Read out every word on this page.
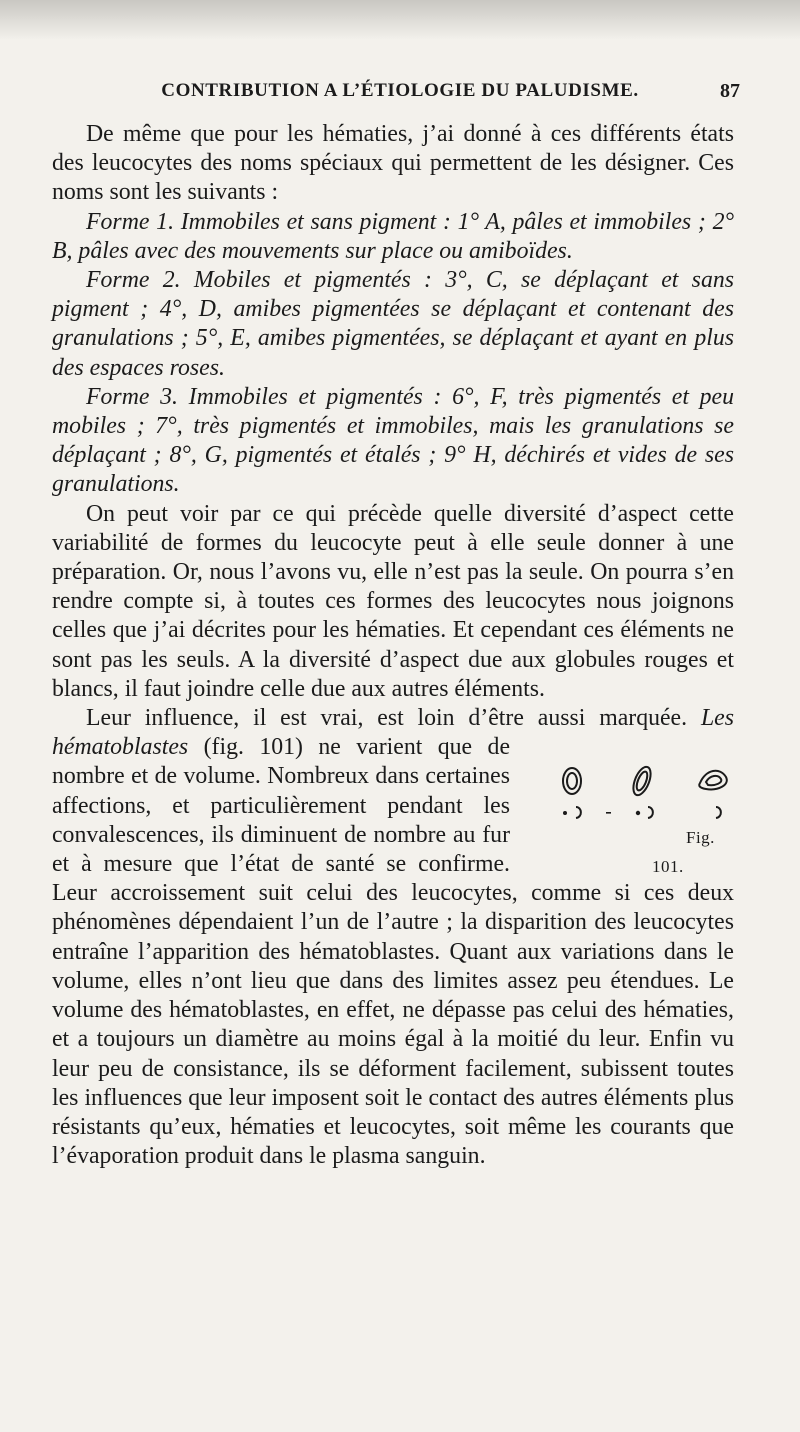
CONTRIBUTION A L’ÉTIOLOGIE DU PALUDISME.	87

De même que pour les hématies, j’ai donné à ces différents états des leucocytes des noms spéciaux qui permettent de les désigner. Ces noms sont les suivants :

Forme 1. Immobiles et sans pigment : 1° A, pâles et immobiles ; 2° B, pâles avec des mouvements sur place ou amiboïdes.

Forme 2. Mobiles et pigmentés : 3°, C, se déplaçant et sans pigment ; 4°, D, amibes pigmentées se déplaçant et contenant des granulations ; 5°, E, amibes pigmentées, se déplaçant et ayant en plus des espaces roses.

Forme 3. Immobiles et pigmentés : 6°, F, très pigmentés et peu mobiles ; 7°, très pigmentés et immobiles, mais les granulations se déplaçant ; 8°, G, pigmentés et étalés ; 9° H, déchirés et vides de ses granulations.

On peut voir par ce qui précède quelle diversité d’aspect cette variabilité de formes du leucocyte peut à elle seule donner à une préparation. Or, nous l’avons vu, elle n’est pas la seule. On pourra s’en rendre compte si, à toutes ces formes des leucocytes nous joignons celles que j’ai décrites pour les hématies. Et cependant ces éléments ne sont pas les seuls. A la diversité d’aspect due aux globules rouges et blancs, il faut joindre celle due aux autres éléments.

Leur influence, il est vrai, est loin d’être aussi marquée. Les hématoblastes
Fig. 101.
(fig. 101) ne varient que de nombre et de volume. Nombreux dans certaines affections, et particulièrement pendant les convalescences, ils diminuent de nombre au fur et à mesure que l’état de santé se confirme. Leur accroissement suit celui des leucocytes, comme si ces deux phénomènes dépendaient l’un de l’autre ; la disparition des leucocytes entraîne l’apparition des hématoblastes. Quant aux variations dans le volume, elles n’ont lieu que dans des limites assez peu étendues. Le volume des hématoblastes, en effet, ne dépasse pas celui des hématies, et a toujours un diamètre au moins égal à la moitié du leur. Enfin vu leur peu de consistance, ils se déforment facilement, subissent toutes les influences que leur imposent soit le contact des autres éléments plus résistants qu’eux, hématies et leucocytes, soit même les courants que l’évaporation produit dans le plasma sanguin.
